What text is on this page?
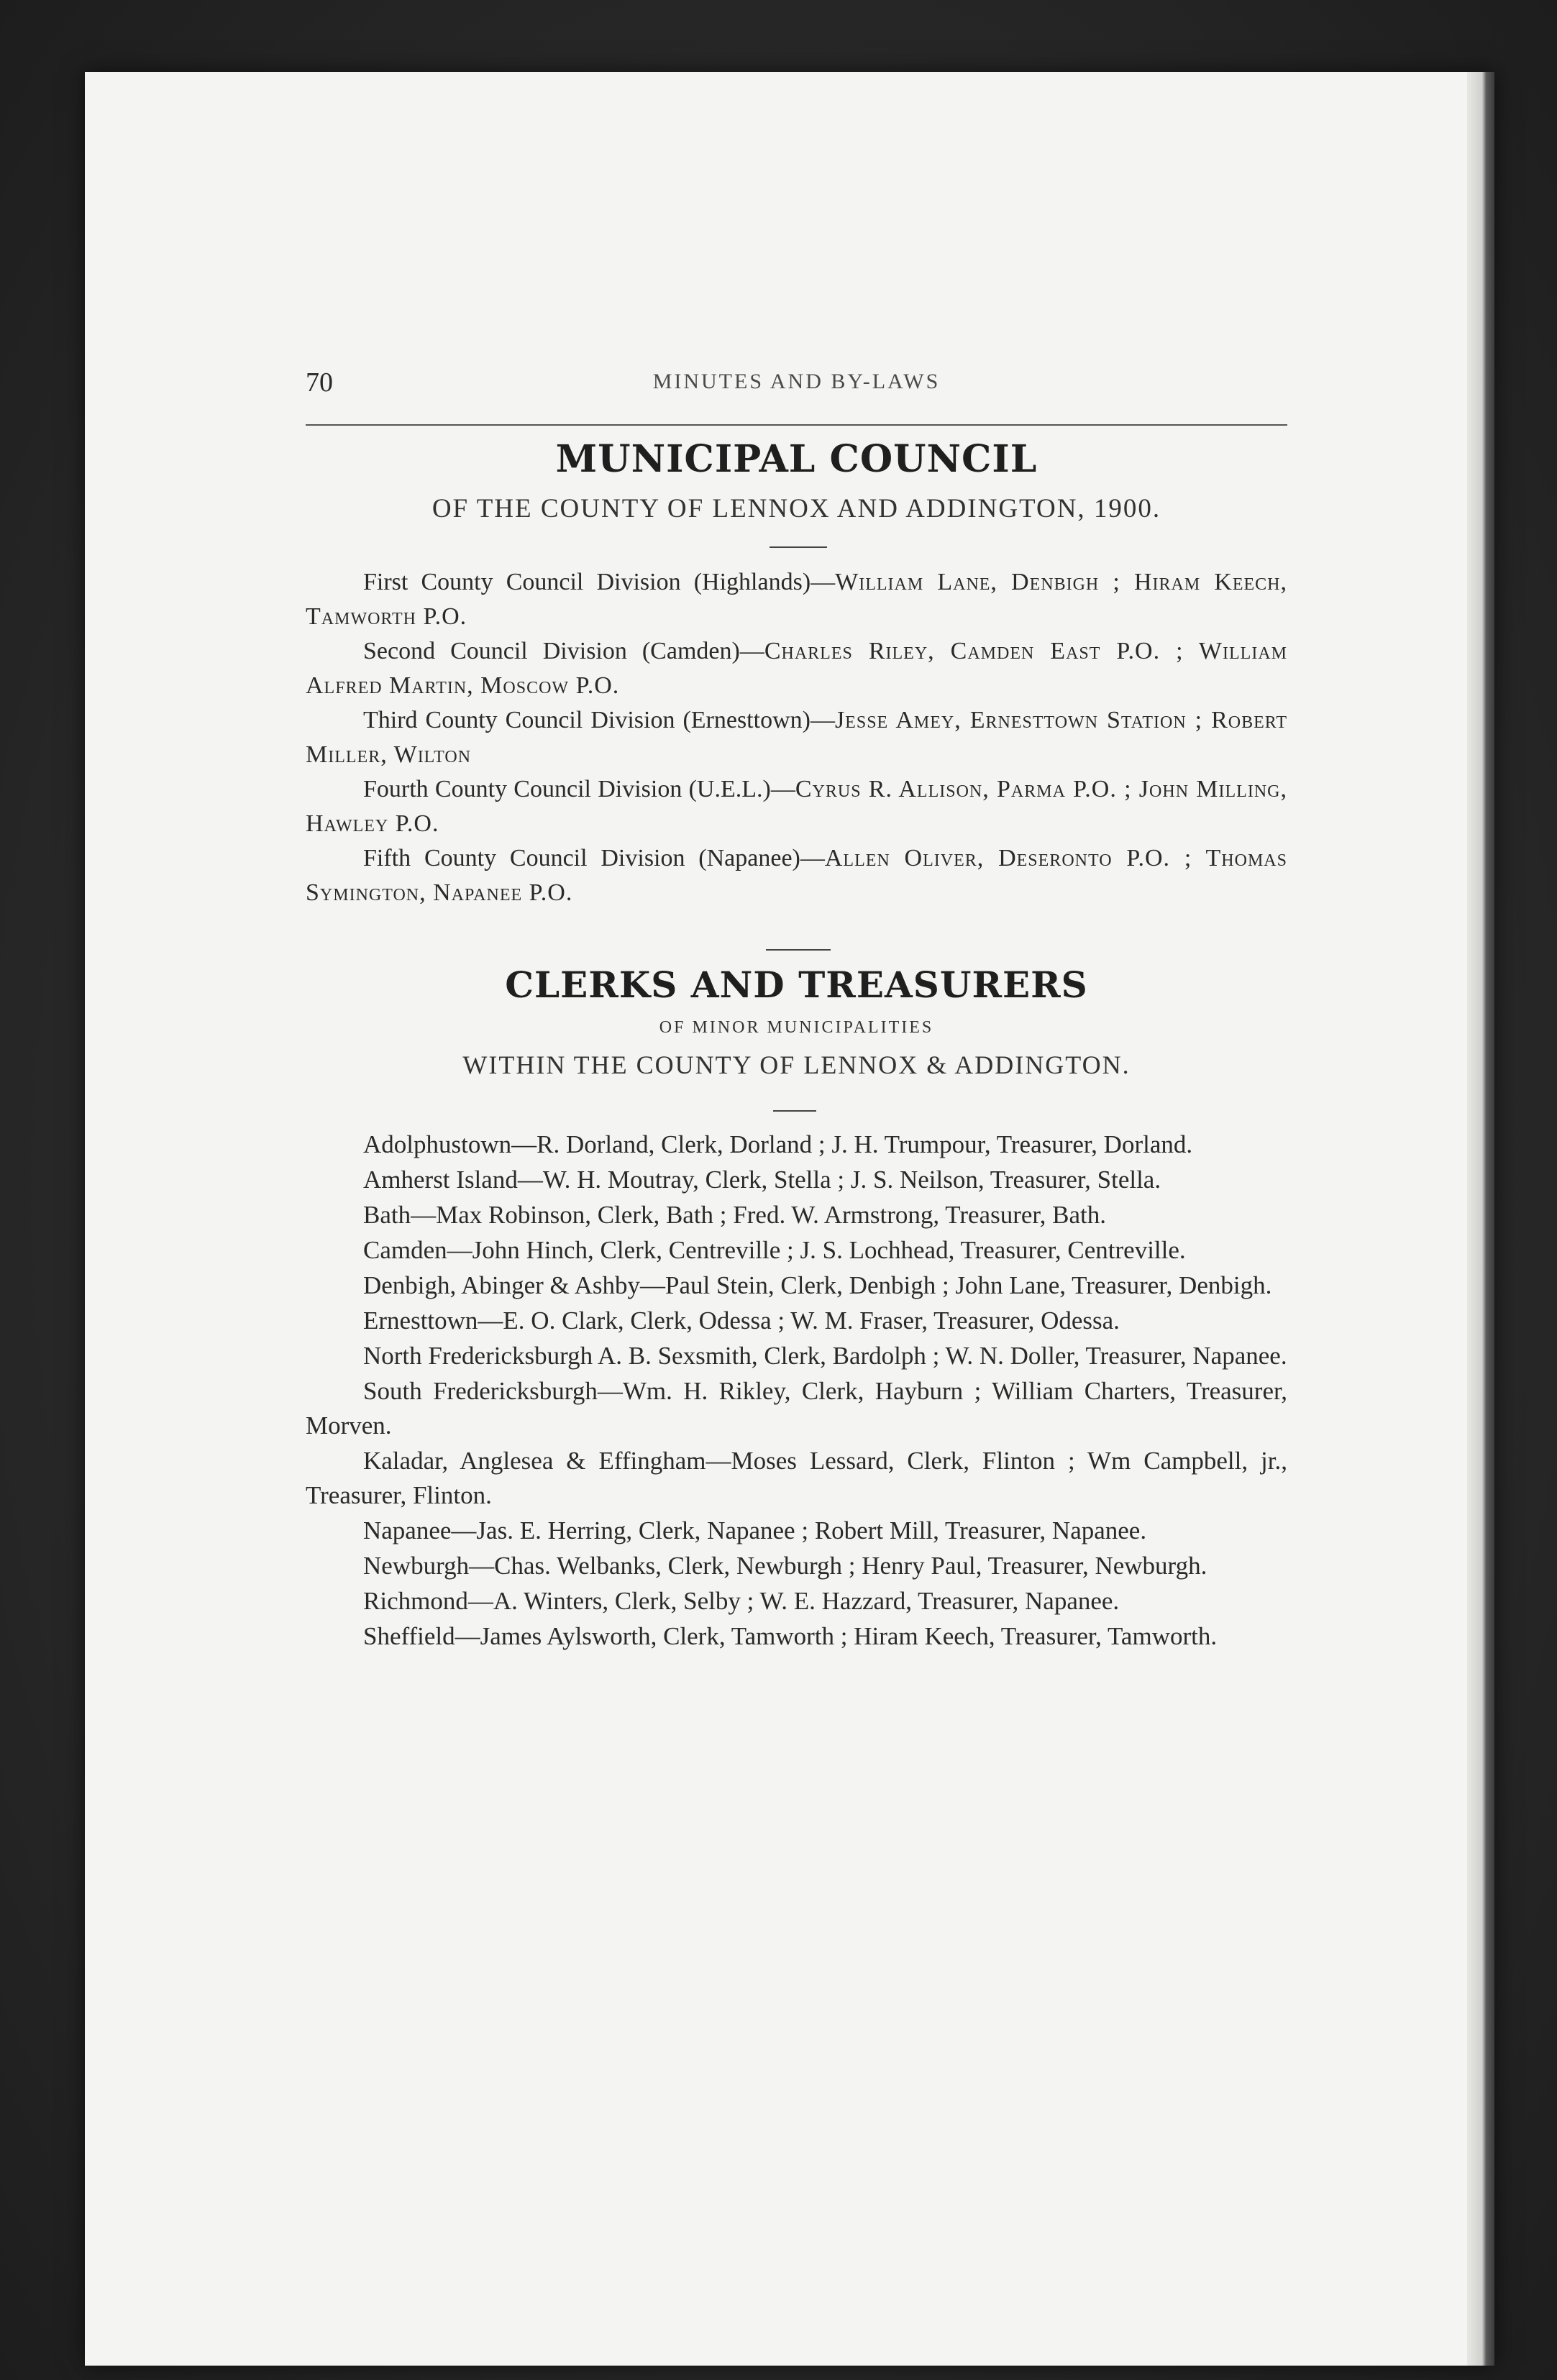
70	MINUTES AND BY-LAWS
MUNICIPAL COUNCIL
OF THE COUNTY OF LENNOX AND ADDINGTON, 1900.

First County Council Division (Highlands)—William Lane, Denbigh ; Hiram Keech, Tamworth P.O.

Second Council Division (Camden)—Charles Riley, Camden East P.O. ; William Alfred Martin, Moscow P.O.

Third County Council Division (Ernesttown)—Jesse Amey, Ernesttown Station ; Robert Miller, Wilton

Fourth County Council Division (U.E.L.)—Cyrus R. Allison, Parma P.O. ; John Milling, Hawley P.O.

Fifth County Council Division (Napanee)—Allen Oliver, Deseronto P.O. ; Thomas Symington, Napanee P.O.

CLERKS AND TREASURERS
OF MINOR MUNICIPALITIES
WITHIN THE COUNTY OF LENNOX & ADDINGTON.

Adolphustown—R. Dorland, Clerk, Dorland ; J. H. Trumpour, Treasurer, Dorland.

Amherst Island—W. H. Moutray, Clerk, Stella ; J. S. Neilson, Treasurer, Stella.

Bath—Max Robinson, Clerk, Bath ; Fred. W. Armstrong, Treasurer, Bath.

Camden—John Hinch, Clerk, Centreville ; J. S. Lochhead, Treasurer, Centreville.

Denbigh, Abinger & Ashby—Paul Stein, Clerk, Denbigh ; John Lane, Treasurer, Denbigh.

Ernesttown—E. O. Clark, Clerk, Odessa ; W. M. Fraser, Treasurer, Odessa.

North Fredericksburgh A. B. Sexsmith, Clerk, Bardolph ; W. N. Doller, Treasurer, Napanee.

South Fredericksburgh—Wm. H. Rikley, Clerk, Hayburn ; William Charters, Treasurer, Morven.

Kaladar, Anglesea & Effingham—Moses Lessard, Clerk, Flinton ; Wm Campbell, jr., Treasurer, Flinton.

Napanee—Jas. E. Herring, Clerk, Napanee ; Robert Mill, Treasurer, Napanee.

Newburgh—Chas. Welbanks, Clerk, Newburgh ; Henry Paul, Treasurer, Newburgh.

Richmond—A. Winters, Clerk, Selby ; W. E. Hazzard, Treasurer, Napanee.

Sheffield—James Aylsworth, Clerk, Tamworth ; Hiram Keech, Treasurer, Tamworth.
